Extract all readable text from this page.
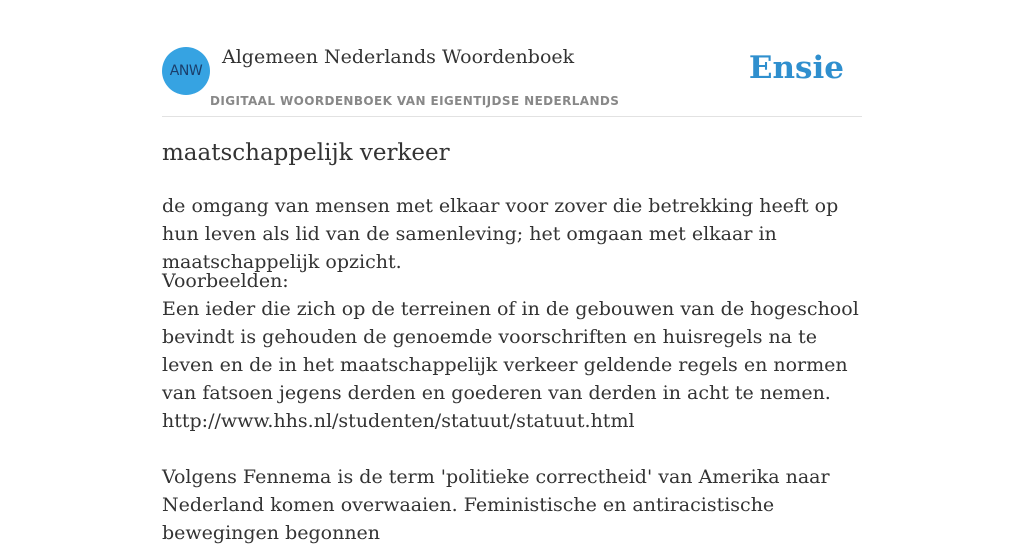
ANW
Algemeen Nederlands Woordenboek
DIGITAAL WOORDENBOEK VAN EIGENTIJDSE NEDERLANDS
Ensie
maatschappelijk verkeer

de omgang van mensen met elkaar voor zover die betrekking heeft op hun leven als lid van de samenleving; het omgaan met elkaar in maatschappelijk opzicht.

Voorbeelden:

Een ieder die zich op de terreinen of in de gebouwen van de hogeschool bevindt is gehouden de genoemde voorschriften en huisregels na te leven en de in het maatschappelijk verkeer geldende regels en normen van fatsoen jegens derden en goederen van derden in acht te nemen.

http://www.hhs.nl/studenten/statuut/statuut.html

Volgens Fennema is de term 'politieke correctheid' van Amerika naar Nederland komen overwaaien. Feministische en antiracistische bewegingen begonnen
